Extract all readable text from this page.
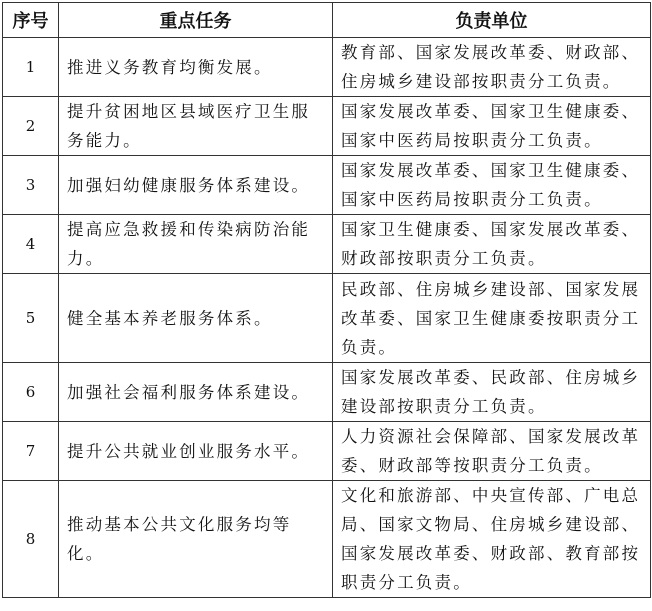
序号	重点任务	负责单位
1	推进义务教育均衡发展。	教育部、国家发展改革委、财政部、住房城乡建设部按职责分工负责。
2	提升贫困地区县域医疗卫生服务能力。	国家发展改革委、国家卫生健康委、国家中医药局按职责分工负责。
3	加强妇幼健康服务体系建设。	国家发展改革委、国家卫生健康委、国家中医药局按职责分工负责。
4	提高应急救援和传染病防治能力。	国家卫生健康委、国家发展改革委、财政部按职责分工负责。
5	健全基本养老服务体系。	民政部、住房城乡建设部、国家发展改革委、国家卫生健康委按职责分工负责。
6	加强社会福利服务体系建设。	国家发展改革委、民政部、住房城乡建设部按职责分工负责。
7	提升公共就业创业服务水平。	人力资源社会保障部、国家发展改革委、财政部等按职责分工负责。
8	推动基本公共文化服务均等化。	文化和旅游部、中央宣传部、广电总局、国家文物局、住房城乡建设部、国家发展改革委、财政部、教育部按职责分工负责。
